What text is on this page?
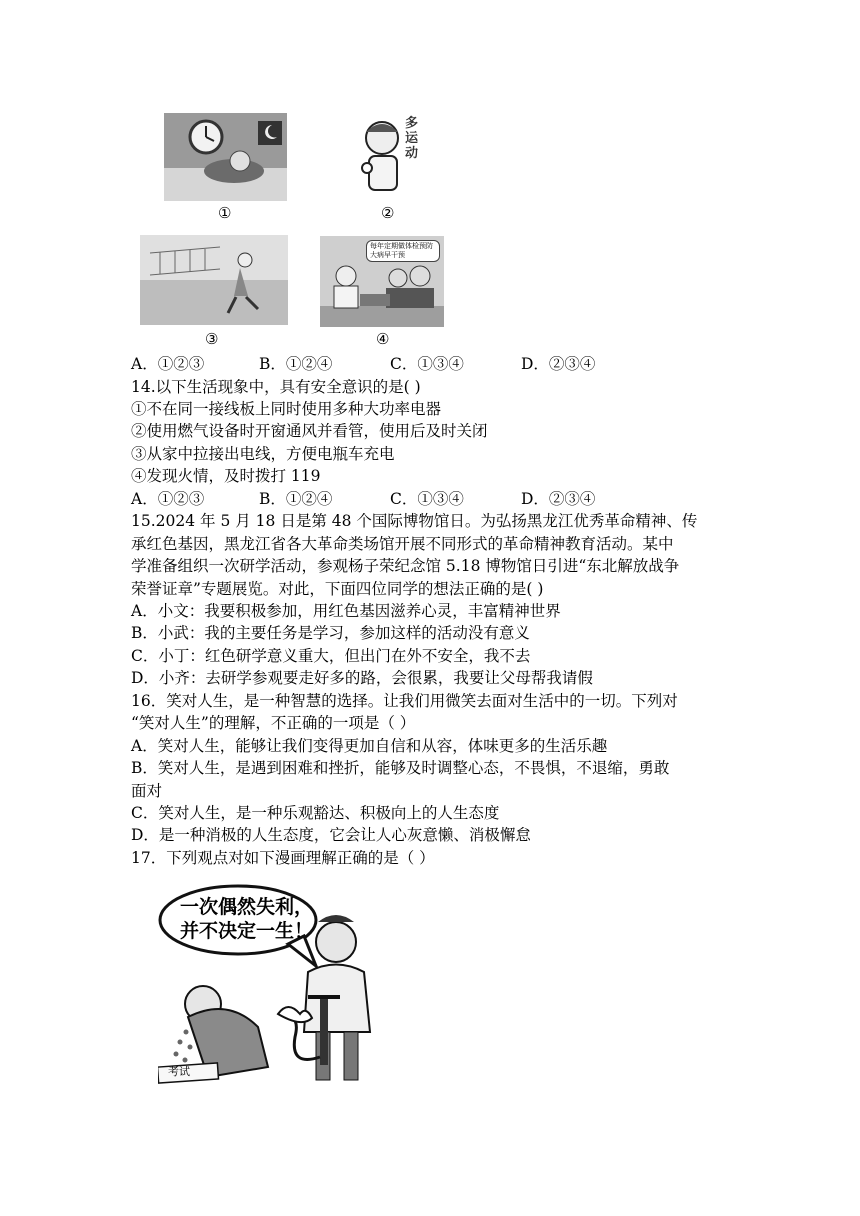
①
多运动
②
③
每年定期做体检预防大病早干预
④
A．①②③	B．①②④	C．①③④	D．②③④
14.以下生活现象中，具有安全意识的是( )
①不在同一接线板上同时使用多种大功率电器
②使用燃气设备时开窗通风并看管，使用后及时关闭
③从家中拉接出电线，方便电瓶车充电
④发现火情，及时拨打 119
A．①②③	B．①②④	C．①③④	D．②③④
15.2024 年 5 月 18 日是第 48 个国际博物馆日。为弘扬黑龙江优秀革命精神、传
承红色基因，黑龙江省各大革命类场馆开展不同形式的革命精神教育活动。某中
学准备组织一次研学活动，参观杨子荣纪念馆 5.18 博物馆日引进“东北解放战争
荣誉证章”专题展览。对此，下面四位同学的想法正确的是( )
A．小文：我要积极参加，用红色基因滋养心灵，丰富精神世界
B．小武：我的主要任务是学习，参加这样的活动没有意义
C．小丁：红色研学意义重大，但出门在外不安全，我不去
D．小齐：去研学参观要走好多的路，会很累，我要让父母帮我请假
16．笑对人生，是一种智慧的选择。让我们用微笑去面对生活中的一切。下列对
“笑对人生”的理解，不正确的一项是（ ）
A．笑对人生，能够让我们变得更加自信和从容，体味更多的生活乐趣
B．笑对人生，是遇到困难和挫折，能够及时调整心态，不畏惧，不退缩，勇敢
面对
C．笑对人生，是一种乐观豁达、积极向上的人生态度
D．是一种消极的人生态度，它会让人心灰意懒、消极懈怠
17．下列观点对如下漫画理解正确的是（ ）
一次偶然失利，
并不决定一生！
考试
